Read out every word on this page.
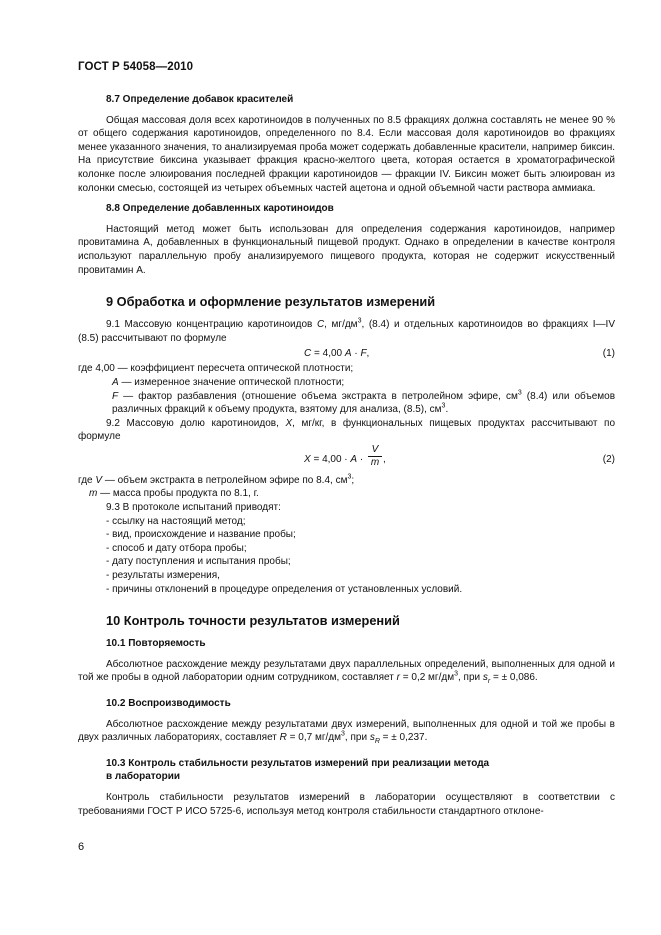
ГОСТ Р 54058—2010
8.7 Определение добавок красителей

Общая массовая доля всех каротиноидов в полученных по 8.5 фракциях должна составлять не менее 90 % от общего содержания каротиноидов, определенного по 8.4. Если массовая доля каротиноидов во фракциях менее указанного значения, то анализируемая проба может содержать добавленные красители, например биксин. На присутствие биксина указывает фракция красно-желтого цвета, которая остается в хроматографической колонке после элюирования последней фракции каротиноидов — фракции IV. Биксин может быть элюирован из колонки смесью, состоящей из четырех объемных частей ацетона и одной объемной части раствора аммиака.

8.8 Определение добавленных каротиноидов

Настоящий метод может быть использован для определения содержания каротиноидов, например провитамина А, добавленных в функциональный пищевой продукт. Однако в определении в качестве контроля используют параллельную пробу анализируемого пищевого продукта, которая не содержит искусственный провитамин А.

9 Обработка и оформление результатов измерений

9.1 Массовую концентрацию каротиноидов C, $мг/дм^3$, (8.4) и отдельных каротиноидов во фракциях I—IV (8.5) рассчитывают по формуле

C = 4,00 A · F,	(1)

где 4,00 — коэффициент пересчета оптической плотности;

A — измеренное значение оптической плотности;

F — фактор разбавления (отношение объема экстракта в петролейном эфире, $см^3$ (8.4) или объемов различных фракций к объему продукта, взятому для анализа, (8.5), $см^3$.

9.2 Массовую долю каротиноидов, X, мг/кг, в функциональных пищевых продуктах рассчитывают по формуле

$X = 4,00 \cdot A \cdot \frac{V}{m}$ ,	(2)

где V — объем экстракта в петролейном эфире по 8.4, $см^3$;

m — масса пробы продукта по 8.1, г.

9.3 В протоколе испытаний приводят:

- ссылку на настоящий метод;

- вид, происхождение и название пробы;

- способ и дату отбора пробы;

- дату поступления и испытания пробы;

- результаты измерения,

- причины отклонений в процедуре определения от установленных условий.

10 Контроль точности результатов измерений
10.1 Повторяемость

Абсолютное расхождение между результатами двух параллельных определений, выполненных для одной и той же пробы в одной лаборатории одним сотрудником, составляет r = 0,2 $мг/дм^3$, при $s_r$ = ± 0,086.

10.2 Воспроизводимость

Абсолютное расхождение между результатами двух измерений, выполненных для одной и той же пробы в двух различных лабораториях, составляет R = 0,7 $мг/дм^3$, при $s_R$ = ± 0,237.

10.3 Контроль стабильности результатов измерений при реализации метода
в лаборатории

Контроль стабильности результатов измерений в лаборатории осуществляют в соответствии с требованиями ГОСТ Р ИСО 5725-6, используя метод контроля стабильности стандартного отклоне-

6
